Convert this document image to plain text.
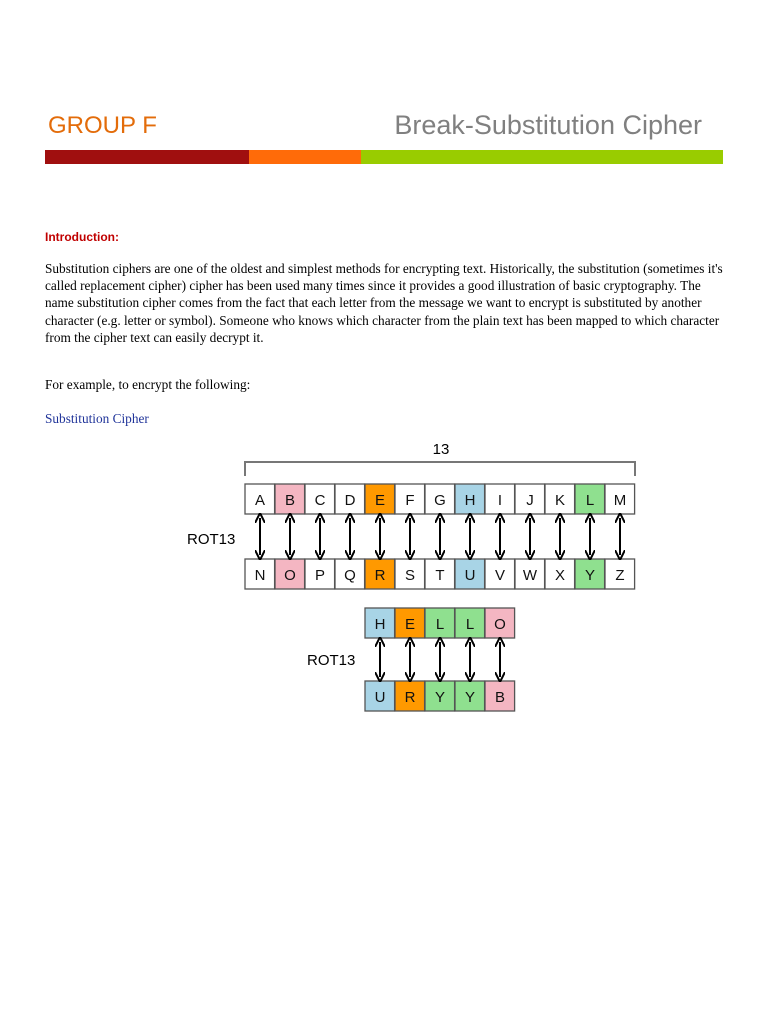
GROUP F	Break-Substitution Cipher
Introduction:

Substitution ciphers are one of the oldest and simplest methods for encrypting text. Historically, the substitution (sometimes it's called replacement cipher) cipher has been used many times since it provides a good illustration of basic cryptography. The name substitution cipher comes from the fact that each letter from the message we want to encrypt is substituted by another character (e.g. letter or symbol). Someone who knows which character from the plain text has been mapped to which character from the cipher text can easily decrypt it.

For example, to encrypt the following:

Substitution Cipher
13
ROT13
ROT13
A B C D E F G H I J K L M
N O P Q R S T U V W X Y Z
H E L L O
U R Y Y B
